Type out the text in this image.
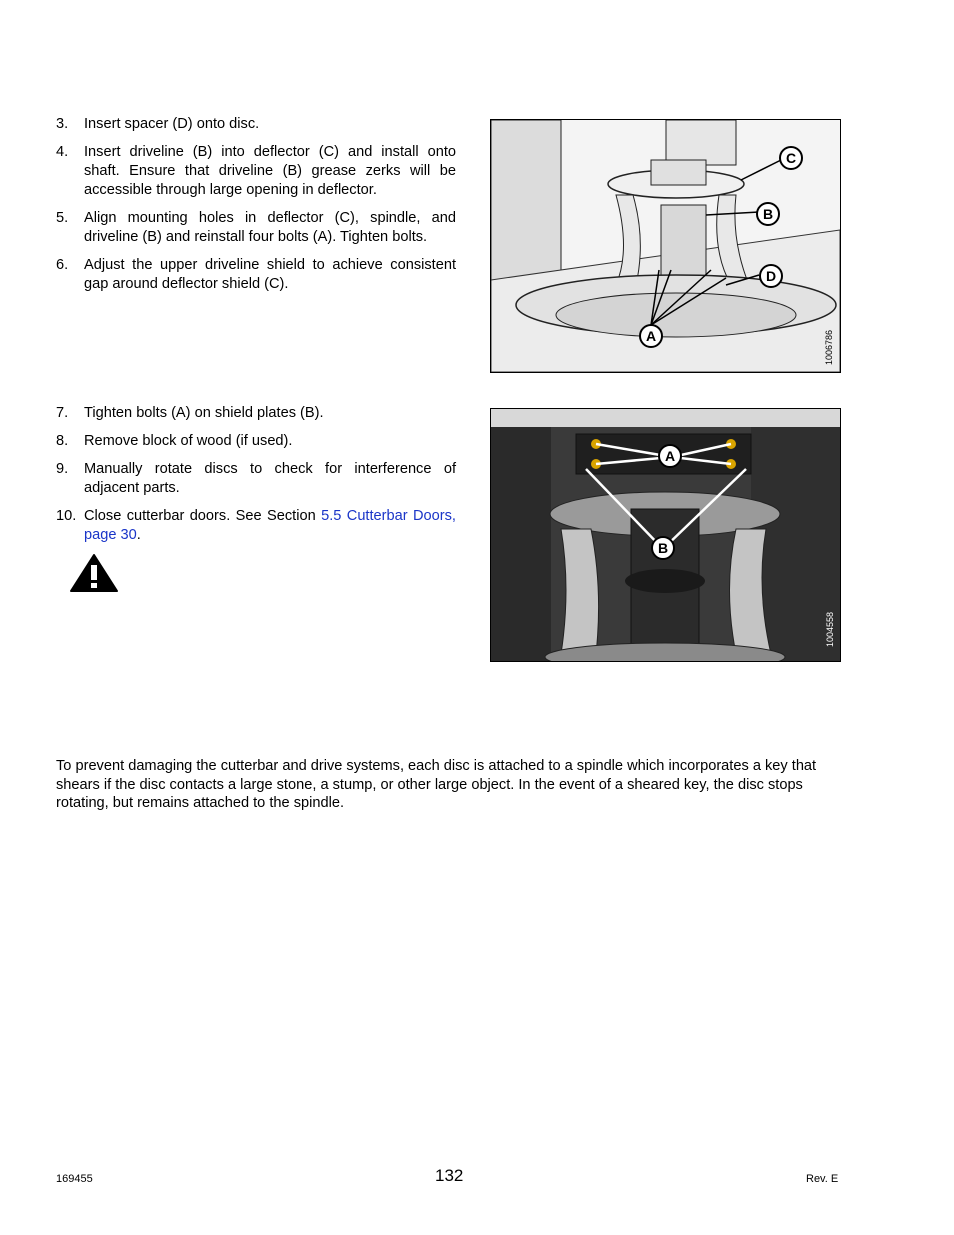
3. Insert spacer (D) onto disc.
4. Insert driveline (B) into deflector (C) and install onto shaft. Ensure that driveline (B) grease zerks will be accessible through large opening in deflector.
5. Align mounting holes in deflector (C), spindle, and driveline (B) and reinstall four bolts (A). Tighten bolts.
6. Adjust the upper driveline shield to achieve consistent gap around deflector shield (C).
C
B
D
A	1006786
7. Tighten bolts (A) on shield plates (B).
8. Remove block of wood (if used).
9. Manually rotate discs to check for interference of adjacent parts.
10. Close cutterbar doors. See Section 5.5 Cutterbar Doors, page 30.
A
B
1004558

To prevent damaging the cutterbar and drive systems, each disc is attached to a spindle which incorporates a key that shears if the disc contacts a large stone, a stump, or other large object. In the event of a sheared key, the disc stops rotating, but remains attached to the spindle.

169455	132	Rev. E
